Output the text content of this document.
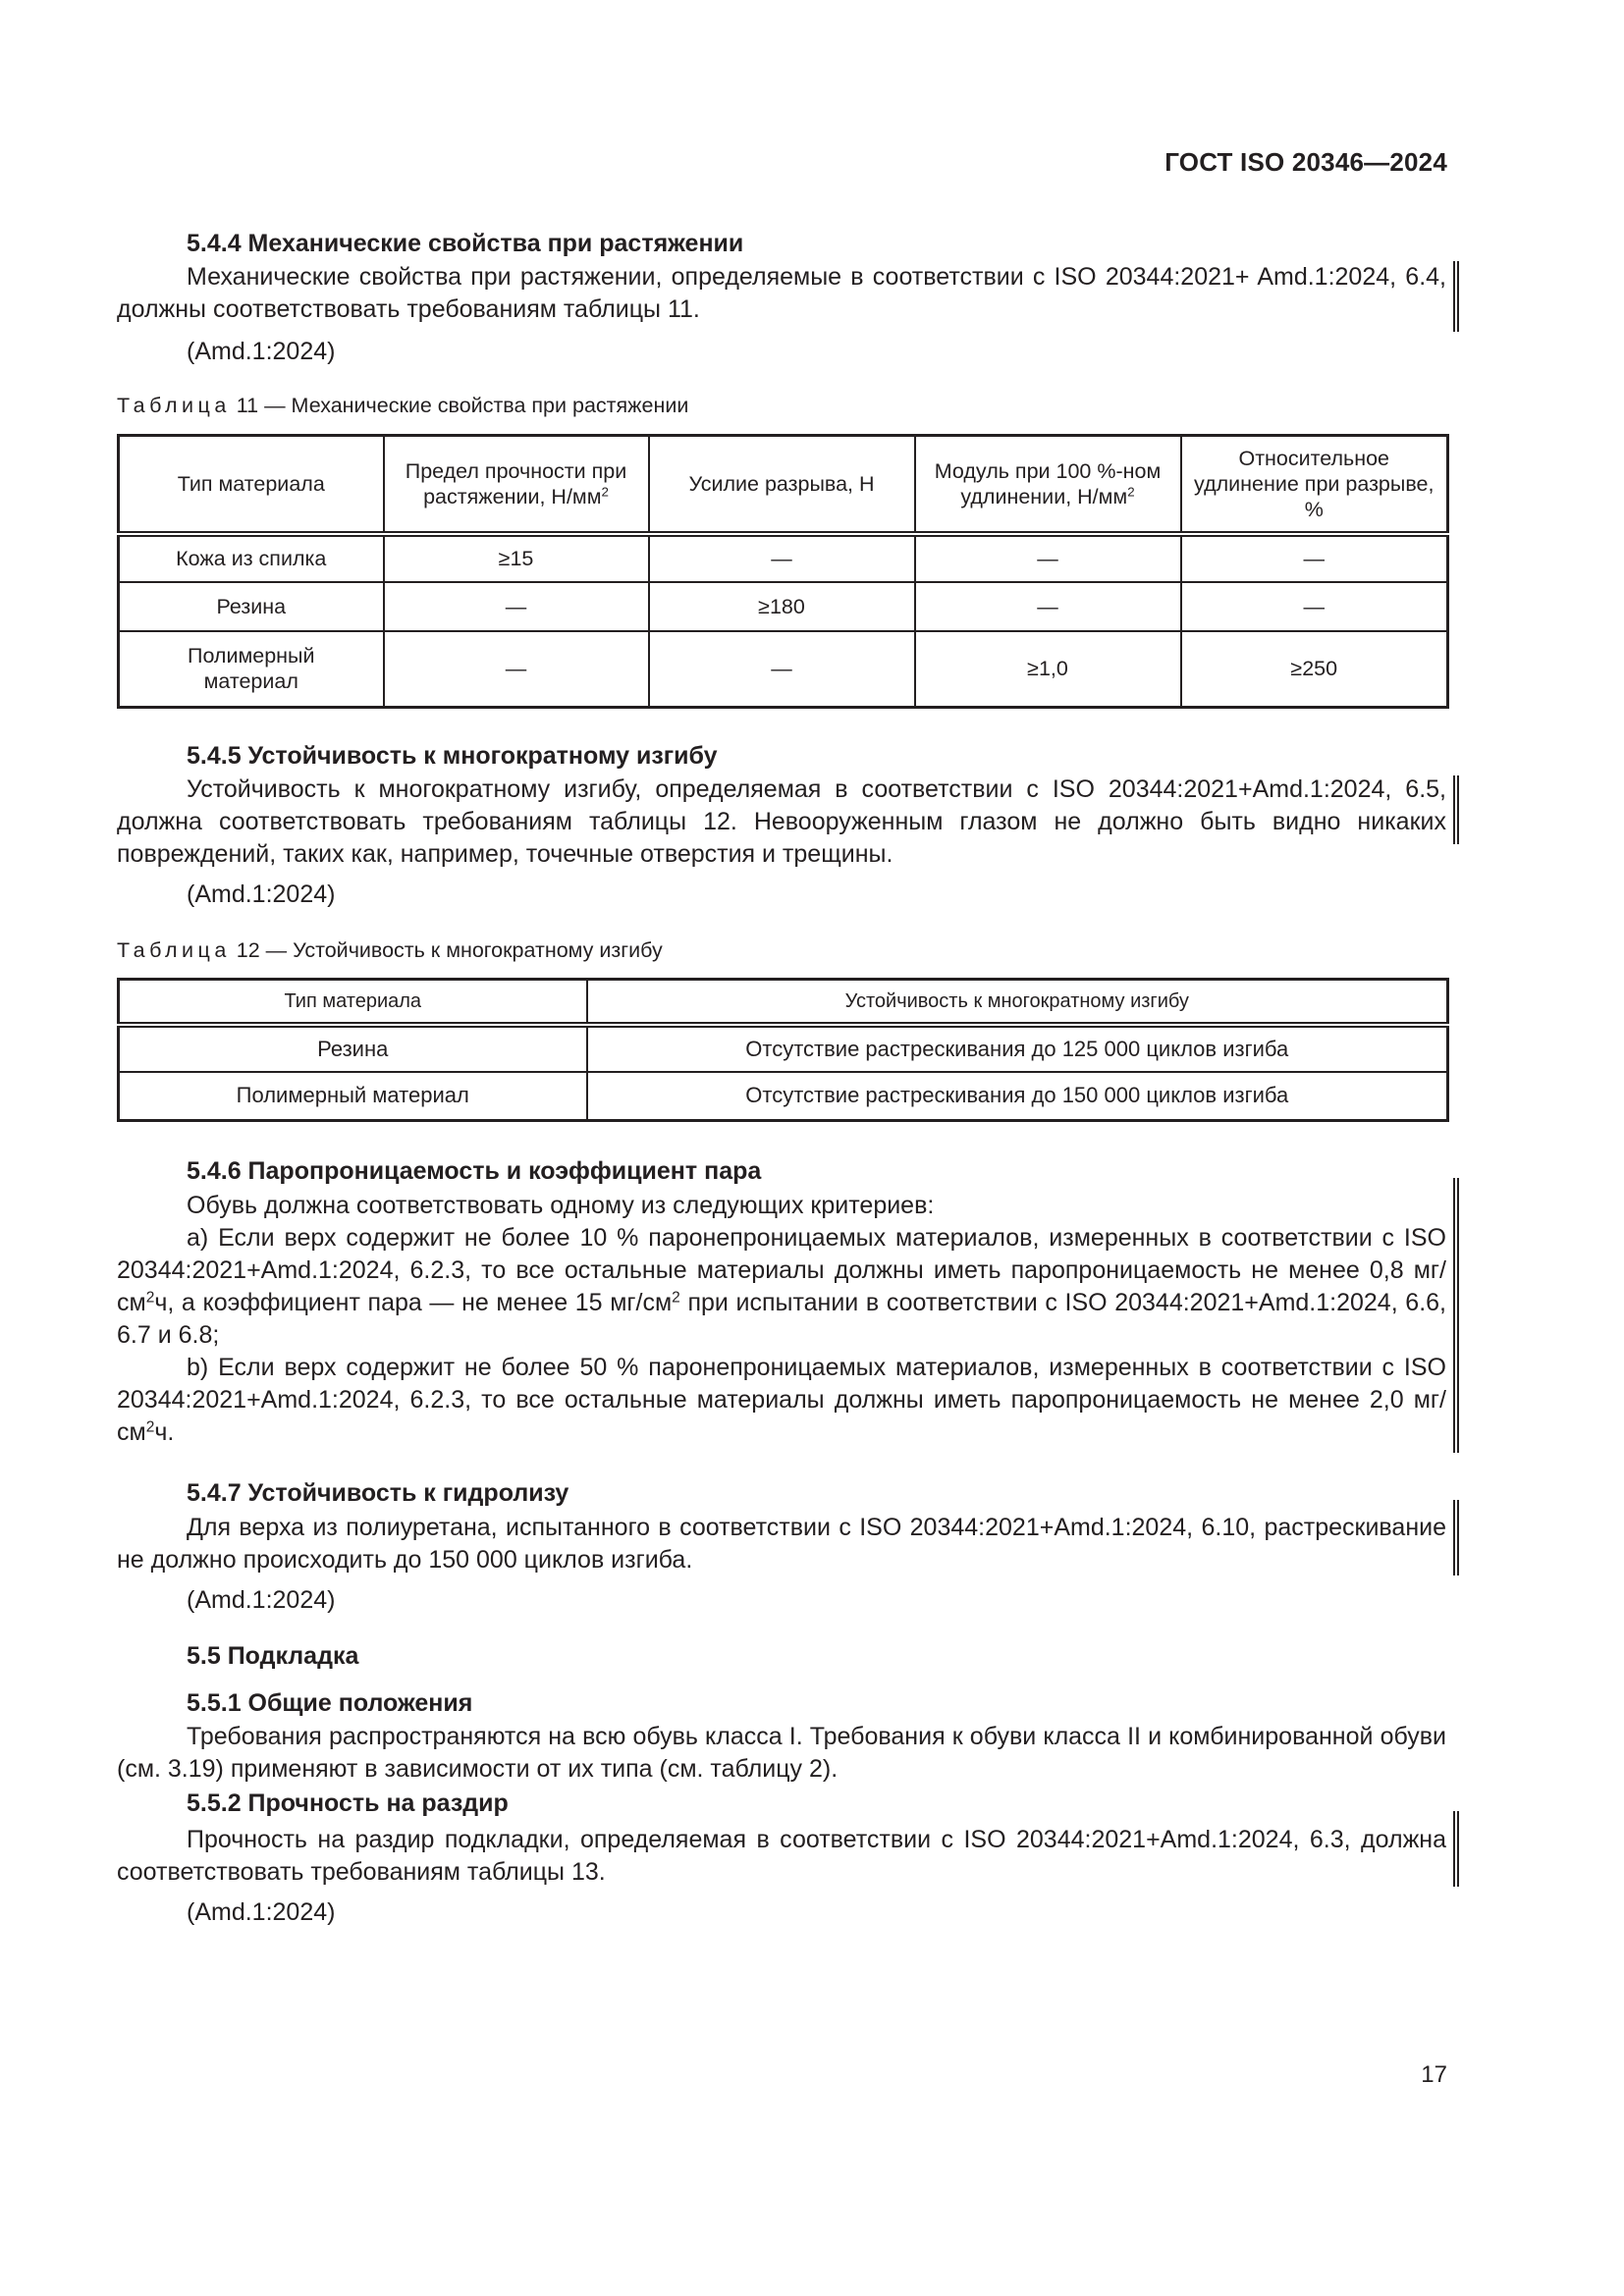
ГОСТ ISO 20346—2024
5.4.4 Механические свойства при растяжении
Механические свойства при растяжении, определяемые в соответствии с ISO 20344:2021+ Amd.1:2024, 6.4, должны соответствовать требованиям таблицы 11.
(Amd.1:2024)
Таблица 11 — Механические свойства при растяжении
Тип материала	Предел прочности при растяжении, $Н/мм^2$	Усилие разрыва, Н	Модуль при 100 %-ном удлинении, $Н/мм^2$	Относительное удлинение при разрыве, %
Кожа из спилка	≥15	—	—	—
Резина	—	≥180	—	—
Полимерный материал	—	—	≥1,0	≥250
5.4.5 Устойчивость к многократному изгибу
Устойчивость к многократному изгибу, определяемая в соответствии с ISO 20344:2021+Amd.1:2024, 6.5, должна соответствовать требованиям таблицы 12. Невооруженным глазом не должно быть видно никаких повреждений, таких как, например, точечные отверстия и трещины.
(Amd.1:2024)
Таблица 12 — Устойчивость к многократному изгибу
Тип материала	Устойчивость к многократному изгибу
Резина	Отсутствие растрескивания до 125 000 циклов изгиба
Полимерный материал	Отсутствие растрескивания до 150 000 циклов изгиба
5.4.6 Паропроницаемость и коэффициент пара
Обувь должна соответствовать одному из следующих критериев:
а) Если верх содержит не более 10 % паронепроницаемых материалов, измеренных в соответствии с ISO 20344:2021+Amd.1:2024, 6.2.3, то все остальные материалы должны иметь паропроницаемость не менее 0,8 $мг/см^2ч$, а коэффициент пара — не менее 15 $мг/см^2$ при испытании в соответствии с ISO 20344:2021+Amd.1:2024, 6.6, 6.7 и 6.8;
b) Если верх содержит не более 50 % паронепроницаемых материалов, измеренных в соответствии с ISO 20344:2021+Amd.1:2024, 6.2.3, то все остальные материалы должны иметь паропроницаемость не менее 2,0 $мг/см^2ч$.
5.4.7 Устойчивость к гидролизу
Для верха из полиуретана, испытанного в соответствии с ISO 20344:2021+Amd.1:2024, 6.10, растрескивание не должно происходить до 150 000 циклов изгиба.
(Amd.1:2024)
5.5 Подкладка
5.5.1 Общие положения
Требования распространяются на всю обувь класса I. Требования к обуви класса II и комбинированной обуви (см. 3.19) применяют в зависимости от их типа (см. таблицу 2).
5.5.2 Прочность на раздир
Прочность на раздир подкладки, определяемая в соответствии с ISO 20344:2021+Amd.1:2024, 6.3, должна соответствовать требованиям таблицы 13.
(Amd.1:2024)
17
